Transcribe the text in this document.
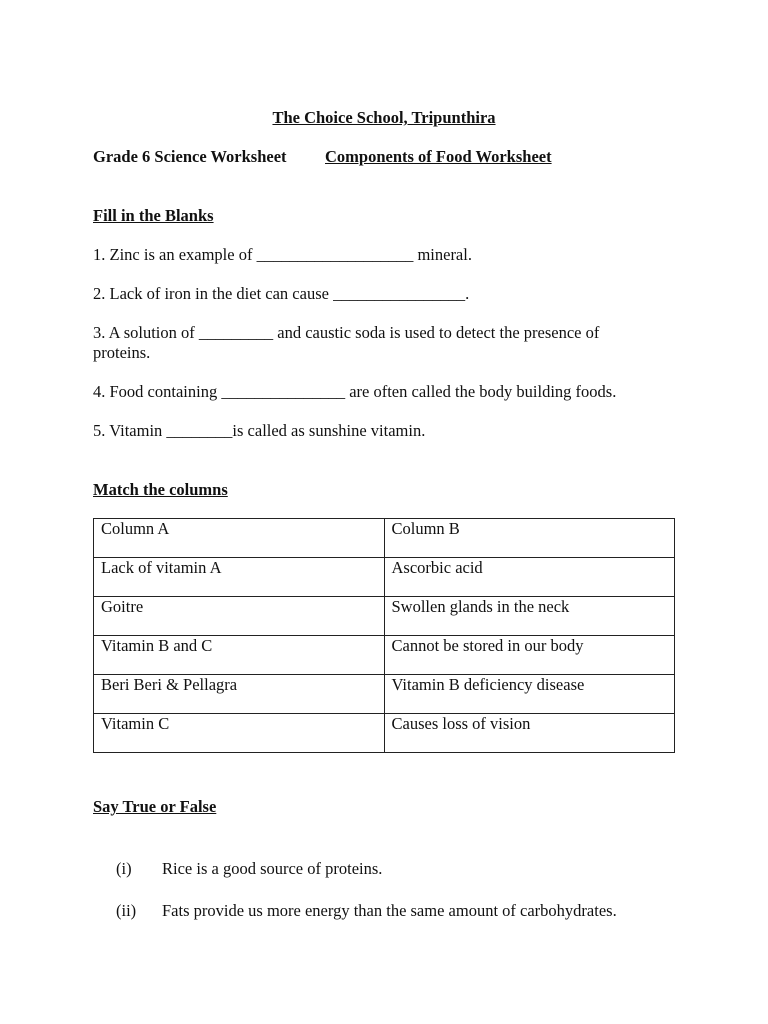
The Choice School, Tripunthira
Grade 6 Science Worksheet Components of Food Worksheet
Fill in the Blanks
1. Zinc is an example of ___________________ mineral.
2. Lack of iron in the diet can cause ________________.
3. A solution of _________ and caustic soda is used to detect the presence of
proteins.
4. Food containing _______________ are often called the body building foods.
5. Vitamin ________is called as sunshine vitamin.
Match the columns
Column A	Column B

Lack of vitamin A	Ascorbic acid

Goitre	Swollen glands in the neck

Vitamin B and C	Cannot be stored in our body

Beri Beri & Pellagra	Vitamin B deficiency disease

Vitamin C	Causes loss of vision
Say True or False
(i) Rice is a good source of proteins.
(ii) Fats provide us more energy than the same amount of carbohydrates.
